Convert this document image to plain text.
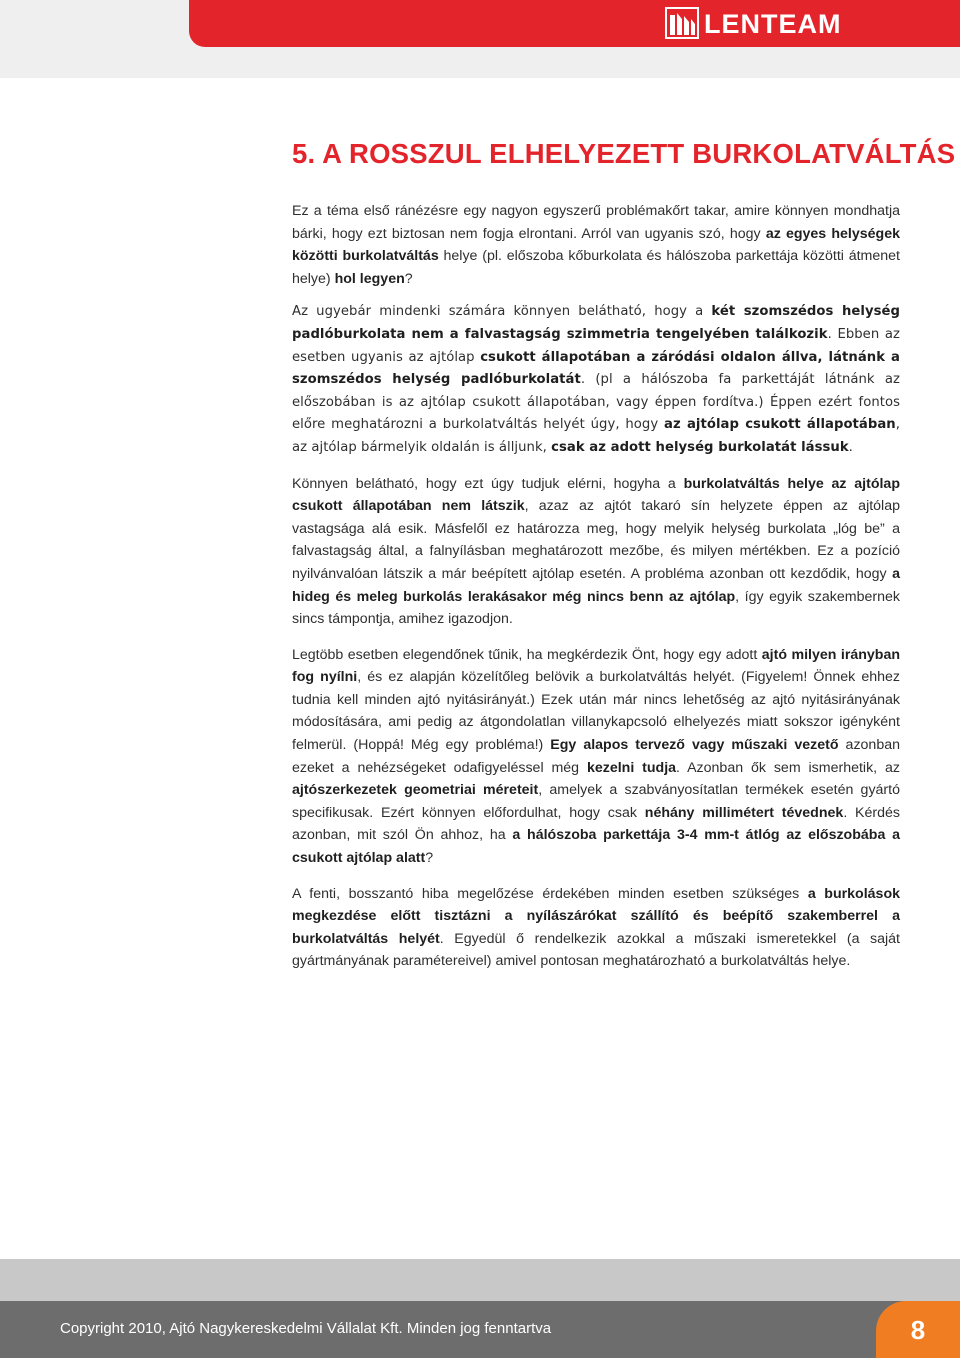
LENTEAM
5. A ROSSZUL ELHELYEZETT BURKOLATVÁLTÁS

Ez a téma első ránézésre egy nagyon egyszerű problémakőrt takar, amire könnyen mondhatja bárki, hogy ezt biztosan nem fogja elrontani. Arról van ugyanis szó, hogy az egyes helységek közötti burkolatváltás helye (pl. előszoba kőburkolata és hálószoba parkettája közötti átmenet helye) hol legyen?

Az ugyebár mindenki számára könnyen belátható, hogy a két szomszédos helység padlóburkolata nem a falvastagság szimmetria tengelyében találkozik. Ebben az esetben ugyanis az ajtólap csukott állapotában a záródási oldalon állva, látnánk a szomszédos helység padlóburkolatát. (pl a hálószoba fa parkettáját látnánk az előszobában is az ajtólap csukott állapotában, vagy éppen fordítva.) Éppen ezért fontos előre meghatározni a burkolatváltás helyét úgy, hogy az ajtólap csukott állapotában, az ajtólap bármelyik oldalán is álljunk, csak az adott helység burkolatát lássuk.

Könnyen belátható, hogy ezt úgy tudjuk elérni, hogyha a burkolatváltás helye az ajtólap csukott állapotában nem látszik, azaz az ajtót takaró sín helyzete éppen az ajtólap vastagsága alá esik. Másfelől ez határozza meg, hogy melyik helység burkolata „lóg be” a falvastagság által, a falnyílásban meghatározott mezőbe, és milyen mértékben. Ez a pozíció nyilvánvalóan látszik a már beépített ajtólap esetén. A probléma azonban ott kezdődik, hogy a hideg és meleg burkolás lerakásakor még nincs benn az ajtólap, így egyik szakembernek sincs támpontja, amihez igazodjon.

Legtöbb esetben elegendőnek tűnik, ha megkérdezik Önt, hogy egy adott ajtó milyen irányban fog nyílni, és ez alapján közelítőleg belövik a burkolatváltás helyét. (Figyelem! Önnek ehhez tudnia kell minden ajtó nyitásirányát.) Ezek után már nincs lehetőség az ajtó nyitásirányának módosítására, ami pedig az átgondolatlan villanykapcsoló elhelyezés miatt sokszor igényként felmerül. (Hoppá! Még egy probléma!) Egy alapos tervező vagy műszaki vezető azonban ezeket a nehézségeket odafigyeléssel még kezelni tudja. Azonban ők sem ismerhetik, az ajtószerkezetek geometriai méreteit, amelyek a szabványosítatlan termékek esetén gyártó specifikusak. Ezért könnyen előfordulhat, hogy csak néhány millimétert tévednek. Kérdés azonban, mit szól Ön ahhoz, ha a hálószoba parkettája 3-4 mm-t átlóg az előszobába a csukott ajtólap alatt?

A fenti, bosszantó hiba megelőzése érdekében minden esetben szükséges a burkolások megkezdése előtt tisztázni a nyílászárókat szállító és beépítő szakemberrel a burkolatváltás helyét. Egyedül ő rendelkezik azokkal a műszaki ismeretekkel (a saját gyártmányának paramétereivel) amivel pontosan meghatározható a burkolatváltás helye.

Copyright 2010, Ajtó Nagykereskedelmi Vállalat Kft. Minden jog fenntartva	8
